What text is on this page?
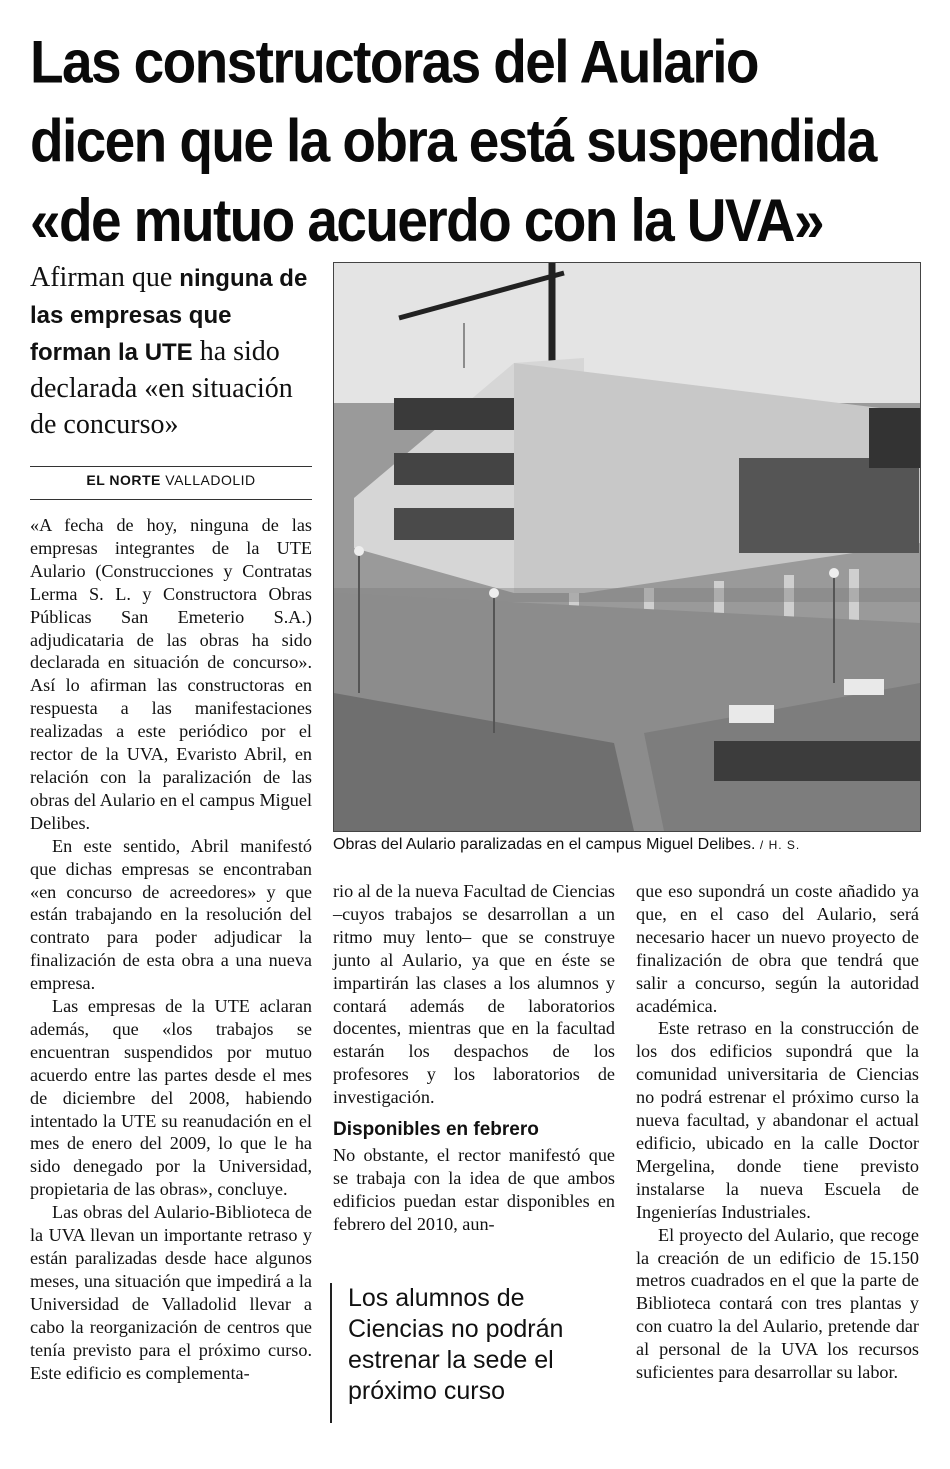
Las constructoras del Aulario
dicen que la obra está suspendida
«de mutuo acuerdo con la UVA»
Afirman que ninguna de las empresas que forman la UTE ha sido declarada «en situación de concurso»
EL NORTE VALLADOLID

«A fecha de hoy, ninguna de las empresas integrantes de la UTE Aulario (Construcciones y Contratas Lerma S. L. y Constructora Obras Públicas San Emeterio S.A.) adjudicataria de las obras ha sido declarada en situación de concurso». Así lo afirman las constructoras en respuesta a las manifestaciones realizadas a este periódico por el rector de la UVA, Evaristo Abril, en relación con la paralización de las obras del Aulario en el campus Miguel Delibes.

En este sentido, Abril manifestó que dichas empresas se encontraban «en concurso de acreedores» y que están trabajando en la resolución del contrato para poder adjudicar la finalización de esta obra a una nueva empresa.

Las empresas de la UTE aclaran además, que «los trabajos se encuentran suspendidos por mutuo acuerdo entre las partes desde el mes de diciembre del 2008, habiendo intentado la UTE su reanudación en el mes de enero del 2009, lo que le ha sido denegado por la Universidad, propietaria de las obras», concluye.

Las obras del Aulario-Biblioteca de la UVA llevan un importante retraso y están paralizadas desde hace algunos meses, una situación que impedirá a la Universidad de Valladolid llevar a cabo la reorganización de centros que tenía previsto para el próximo curso. Este edificio es complementa-

Obras del Aulario paralizadas en el campus Miguel Delibes. / H. S.

rio al de la nueva Facultad de Ciencias –cuyos trabajos se desarrollan a un ritmo muy lento– que se construye junto al Aulario, ya que en éste se impartirán las clases a los alumnos y contará además de laboratorios docentes, mientras que en la facultad estarán los despachos de los profesores y los laboratorios de investigación.

Disponibles en febrero

No obstante, el rector manifestó que se trabaja con la idea de que ambos edificios puedan estar disponibles en febrero del 2010, aun-

Los alumnos de Ciencias no podrán estrenar la sede el próximo curso

que eso supondrá un coste añadido ya que, en el caso del Aulario, será necesario hacer un nuevo proyecto de finalización de obra que tendrá que salir a concurso, según la autoridad académica.

Este retraso en la construcción de los dos edificios supondrá que la comunidad universitaria de Ciencias no podrá estrenar el próximo curso la nueva facultad, y abandonar el actual edificio, ubicado en la calle Doctor Mergelina, donde tiene previsto instalarse la nueva Escuela de Ingenierías Industriales.

El proyecto del Aulario, que recoge la creación de un edificio de 15.150 metros cuadrados en el que la parte de Biblioteca contará con tres plantas y con cuatro la del Aulario, pretende dar al personal de la UVA los recursos suficientes para desarrollar su labor.
